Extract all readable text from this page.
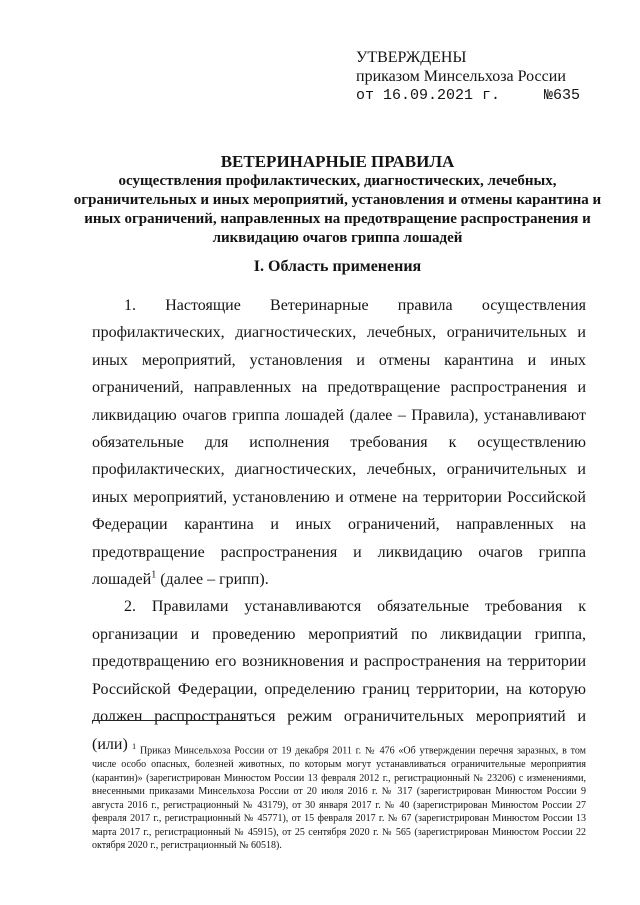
УТВЕРЖДЕНЫ
приказом Минсельхоза России
от 16.09.2021 г.	№635
ВЕТЕРИНАРНЫЕ ПРАВИЛА
осуществления профилактических, диагностических, лечебных, ограничительных и иных мероприятий, установления и отмены карантина и иных ограничений, направленных на предотвращение распространения и ликвидацию очагов гриппа лошадей
I. Область применения

1. Настоящие Ветеринарные правила осуществления профилактических, диагностических, лечебных, ограничительных и иных мероприятий, установления и отмены карантина и иных ограничений, направленных на предотвращение распространения и ликвидацию очагов гриппа лошадей (далее – Правила), устанавливают обязательные для исполнения требования к осуществлению профилактических, диагностических, лечебных, ограничительных и иных мероприятий, установлению и отмене на территории Российской Федерации карантина и иных ограничений, направленных на предотвращение распространения и ликвидацию очагов гриппа лошадей$^1$ (далее – грипп).

2. Правилами устанавливаются обязательные требования к организации и проведению мероприятий по ликвидации гриппа, предотвращению его возникновения и распространения на территории Российской Федерации, определению границ территории, на которую должен распространяться режим ограничительных мероприятий и (или) $^1$ Приказ Минсельхоза России от 19 декабря 2011 г. № 476 «Об утверждении перечня заразных, в том числе особо опасных, болезней животных, по которым могут устанавливаться ограничительные мероприятия (карантин)» (зарегистрирован Минюстом России 13 февраля 2012 г., регистрационный № 23206) с изменениями, внесенными приказами Минсельхоза России от 20 июля 2016 г. № 317 (зарегистрирован Минюстом России 9 августа 2016 г., регистрационный № 43179), от 30 января 2017 г. № 40 (зарегистрирован Минюстом России 27 февраля 2017 г., регистрационный № 45771), от 15 февраля 2017 г. № 67 (зарегистрирован Минюстом России 13 марта 2017 г., регистрационный № 45915), от 25 сентября 2020 г. № 565 (зарегистрирован Минюстом России 22 октября 2020 г., регистрационный № 60518).
